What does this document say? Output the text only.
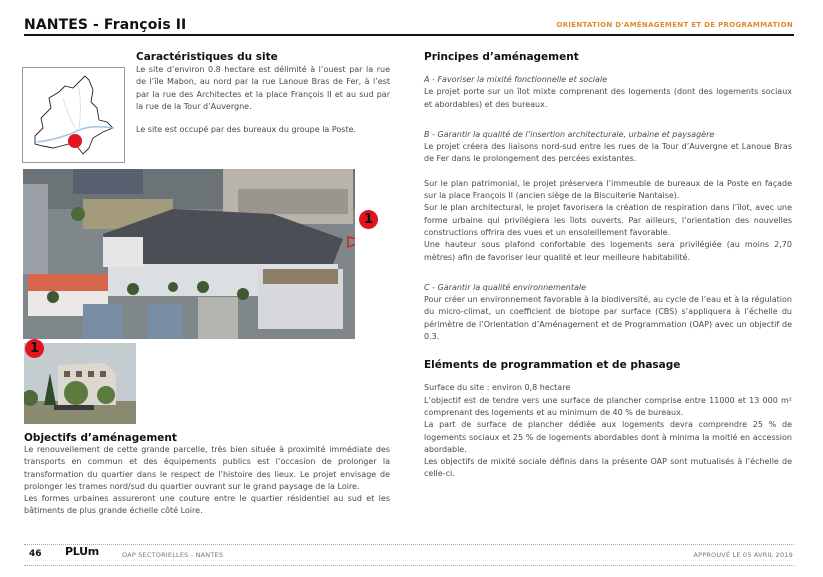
NANTES - François II	ORIENTATION D'AMÉNAGEMENT ET DE PROGRAMMATION
Caractéristiques du site
Le site d’environ 0.8 hectare est délimité à l’ouest par la rue de l’île Mabon, au nord par la rue Lanoue Bras de Fer, à l’est par la rue des Architectes et la place François II et au sud par la rue de la Tour d’Auvergne.
Le site est occupé par des bureaux du groupe la Poste.
1
1
Objectifs d’aménagement
Le renouvellement de cette grande parcelle, très bien située à proximité immédiate des transports en commun et des équipements publics est l’occasion de prolonger la transformation du quartier dans le respect de l’histoire des lieux. Le projet envisage de prolonger les trames nord/sud du quartier ouvrant sur le grand paysage de la Loire.
Les formes urbaines assureront une couture entre le quartier résidentiel au sud et les bâtiments de plus grande échelle côté Loire.
Principes d’aménagement
A - Favoriser la mixité fonctionnelle et sociale
Le projet porte sur un îlot mixte comprenant des logements (dont des logements sociaux et abordables) et des bureaux.
B - Garantir la qualité de l’insertion architecturale, urbaine et paysagère
Le projet créera des liaisons nord-sud entre les rues de la Tour d’Auvergne et Lanoue Bras de Fer dans le prolongement des percées existantes.
Sur le plan patrimonial, le projet préservera l’immeuble de bureaux de la Poste en façade sur la place François II (ancien siège de la Biscuiterie Nantaise).
Sur le plan architectural, le projet favorisera la création de respiration dans l’îlot, avec une forme urbaine qui privilégiera les îlots ouverts. Par ailleurs, l’orientation des nouvelles constructions offrira des vues et un ensoleillement favorable.
Une hauteur sous plafond confortable des logements sera privilégiée (au moins 2,70 mètres) afin de favoriser leur qualité et leur meilleure habitabilité.
C - Garantir la qualité environnementale
Pour créer un environnement favorable à la biodiversité, au cycle de l’eau et à la régulation du micro-climat, un coefficient de biotope par surface (CBS) s’appliquera à l’échelle du périmètre de l’Orientation d’Aménagement et de Programmation (OAP) avec un objectif de 0.3.
Eléments de programmation et de phasage
Surface du site : environ 0,8 hectare
L’objectif est de tendre vers une surface de plancher comprise entre 11000 et 13 000 m² comprenant des logements et au minimum de 40 % de bureaux.
La part de surface de plancher dédiée aux logements devra comprendre 25 % de logements sociaux et 25 % de logements abordables dont à minima la moitié en accession abordable.
Les objectifs de mixité sociale définis dans la présente OAP sont mutualisés à l’échelle de celle-ci.
46 PLUm	OAP SECTORIELLES - NANTES	APPROUVÉ LE 05 AVRIL 2019
